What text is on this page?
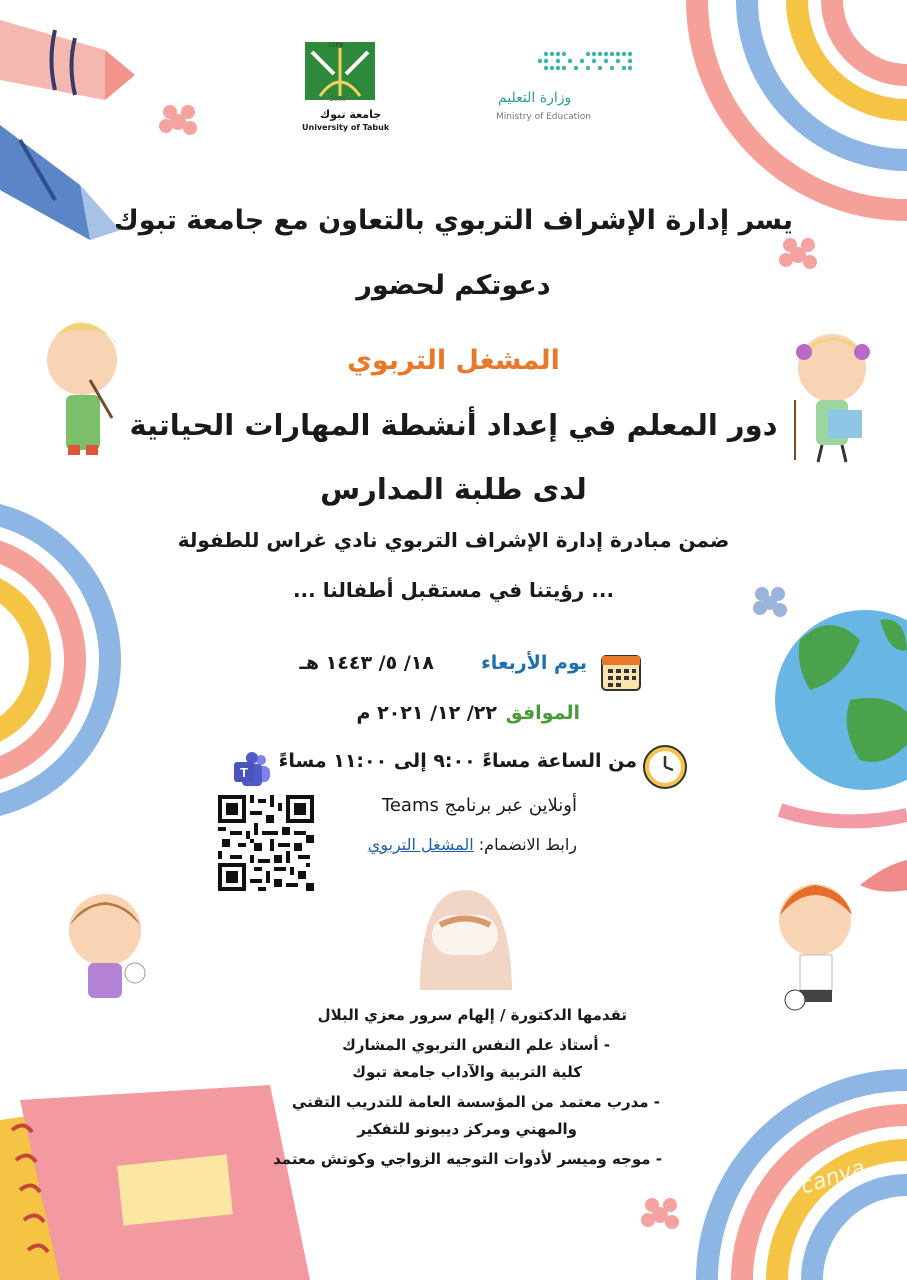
2006
١٤٢٧
جامعة تبوك
University of Tabuk
وزارة التعليم
Ministry of Education
يسر إدارة الإشراف التربوي بالتعاون مع جامعة تبوك
دعوتكم لحضور
المشغل التربوي
دور المعلم في إعداد أنشطة المهارات الحياتية
لدى طلبة المدارس
ضمن مبادرة إدارة الإشراف التربوي نادي غراس للطفولة
... رؤيتنا في مستقبل أطفالنا ...
يوم الأربعاء
١٨/ ٥/ ١٤٤٣ هـ
الموافق
٢٢/ ١٢/ ٢٠٢١ م
من الساعة مساءً ٩:٠٠ إلى ١١:٠٠ مساءً
T
أونلاين عبر برنامج Teams
رابط الانضمام: المشغل التربوي
تقدمها الدكتورة / إلهام سرور معزي البلال
- أستاذ علم النفس التربوي المشارك
كلية التربية والآداب جامعة تبوك
- مدرب معتمد من المؤسسة العامة للتدريب التقني
والمهني ومركز ديبونو للتفكير
- موجه وميسر لأدوات التوجيه الزواجي وكوتش معتمد	canva
